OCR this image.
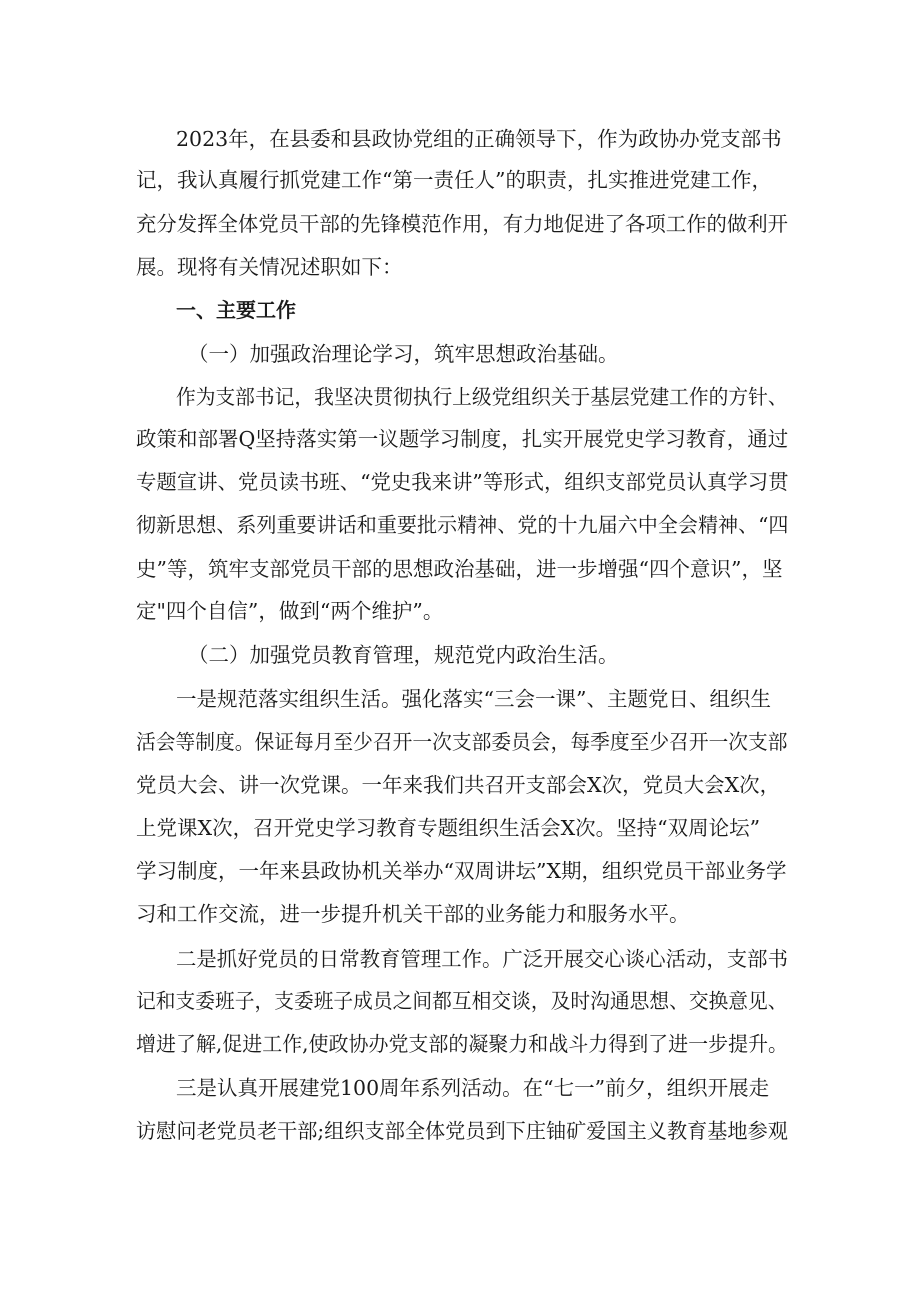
2023年，在县委和县政协党组的正确领导下，作为政协办党支部书
记，我认真履行抓党建工作“第一责任人”的职责，扎实推进党建工作，
充分发挥全体党员干部的先锋模范作用，有力地促进了各项工作的做利开
展。现将有关情况述职如下：
一、主要工作
（一）加强政治理论学习，筑牢思想政治基础。
作为支部书记，我坚决贯彻执行上级党组织关于基层党建工作的方针、
政策和部署Q坚持落实第一议题学习制度，扎实开展党史学习教育，通过
专题宣讲、党员读书班、“党史我来讲”等形式，组织支部党员认真学习贯
彻新思想、系列重要讲话和重要批示精神、党的十九届六中全会精神、“四
史”等，筑牢支部党员干部的思想政治基础，进一步增强“四个意识”，坚
定"四个自信”，做到“两个维护”。
（二）加强党员教育管理，规范党内政治生活。
一是规范落实组织生活。强化落实“三会一课”、主题党日、组织生
活会等制度。保证每月至少召开一次支部委员会，每季度至少召开一次支部
党员大会、讲一次党课。一年来我们共召开支部会X次，党员大会X次，
上党课X次，召开党史学习教育专题组织生活会X次。坚持“双周论坛”
学习制度，一年来县政协机关举办“双周讲坛”X期，组织党员干部业务学
习和工作交流，进一步提升机关干部的业务能力和服务水平。
二是抓好党员的日常教育管理工作。广泛开展交心谈心活动，支部书
记和支委班子，支委班子成员之间都互相交谈，及时沟通思想、交换意见、
增进了解,促进工作,使政协办党支部的凝聚力和战斗力得到了进一步提升。
三是认真开展建党100周年系列活动。在“七一”前夕，组织开展走
访慰问老党员老干部;组织支部全体党员到下庄铀矿爱国主义教育基地参观
